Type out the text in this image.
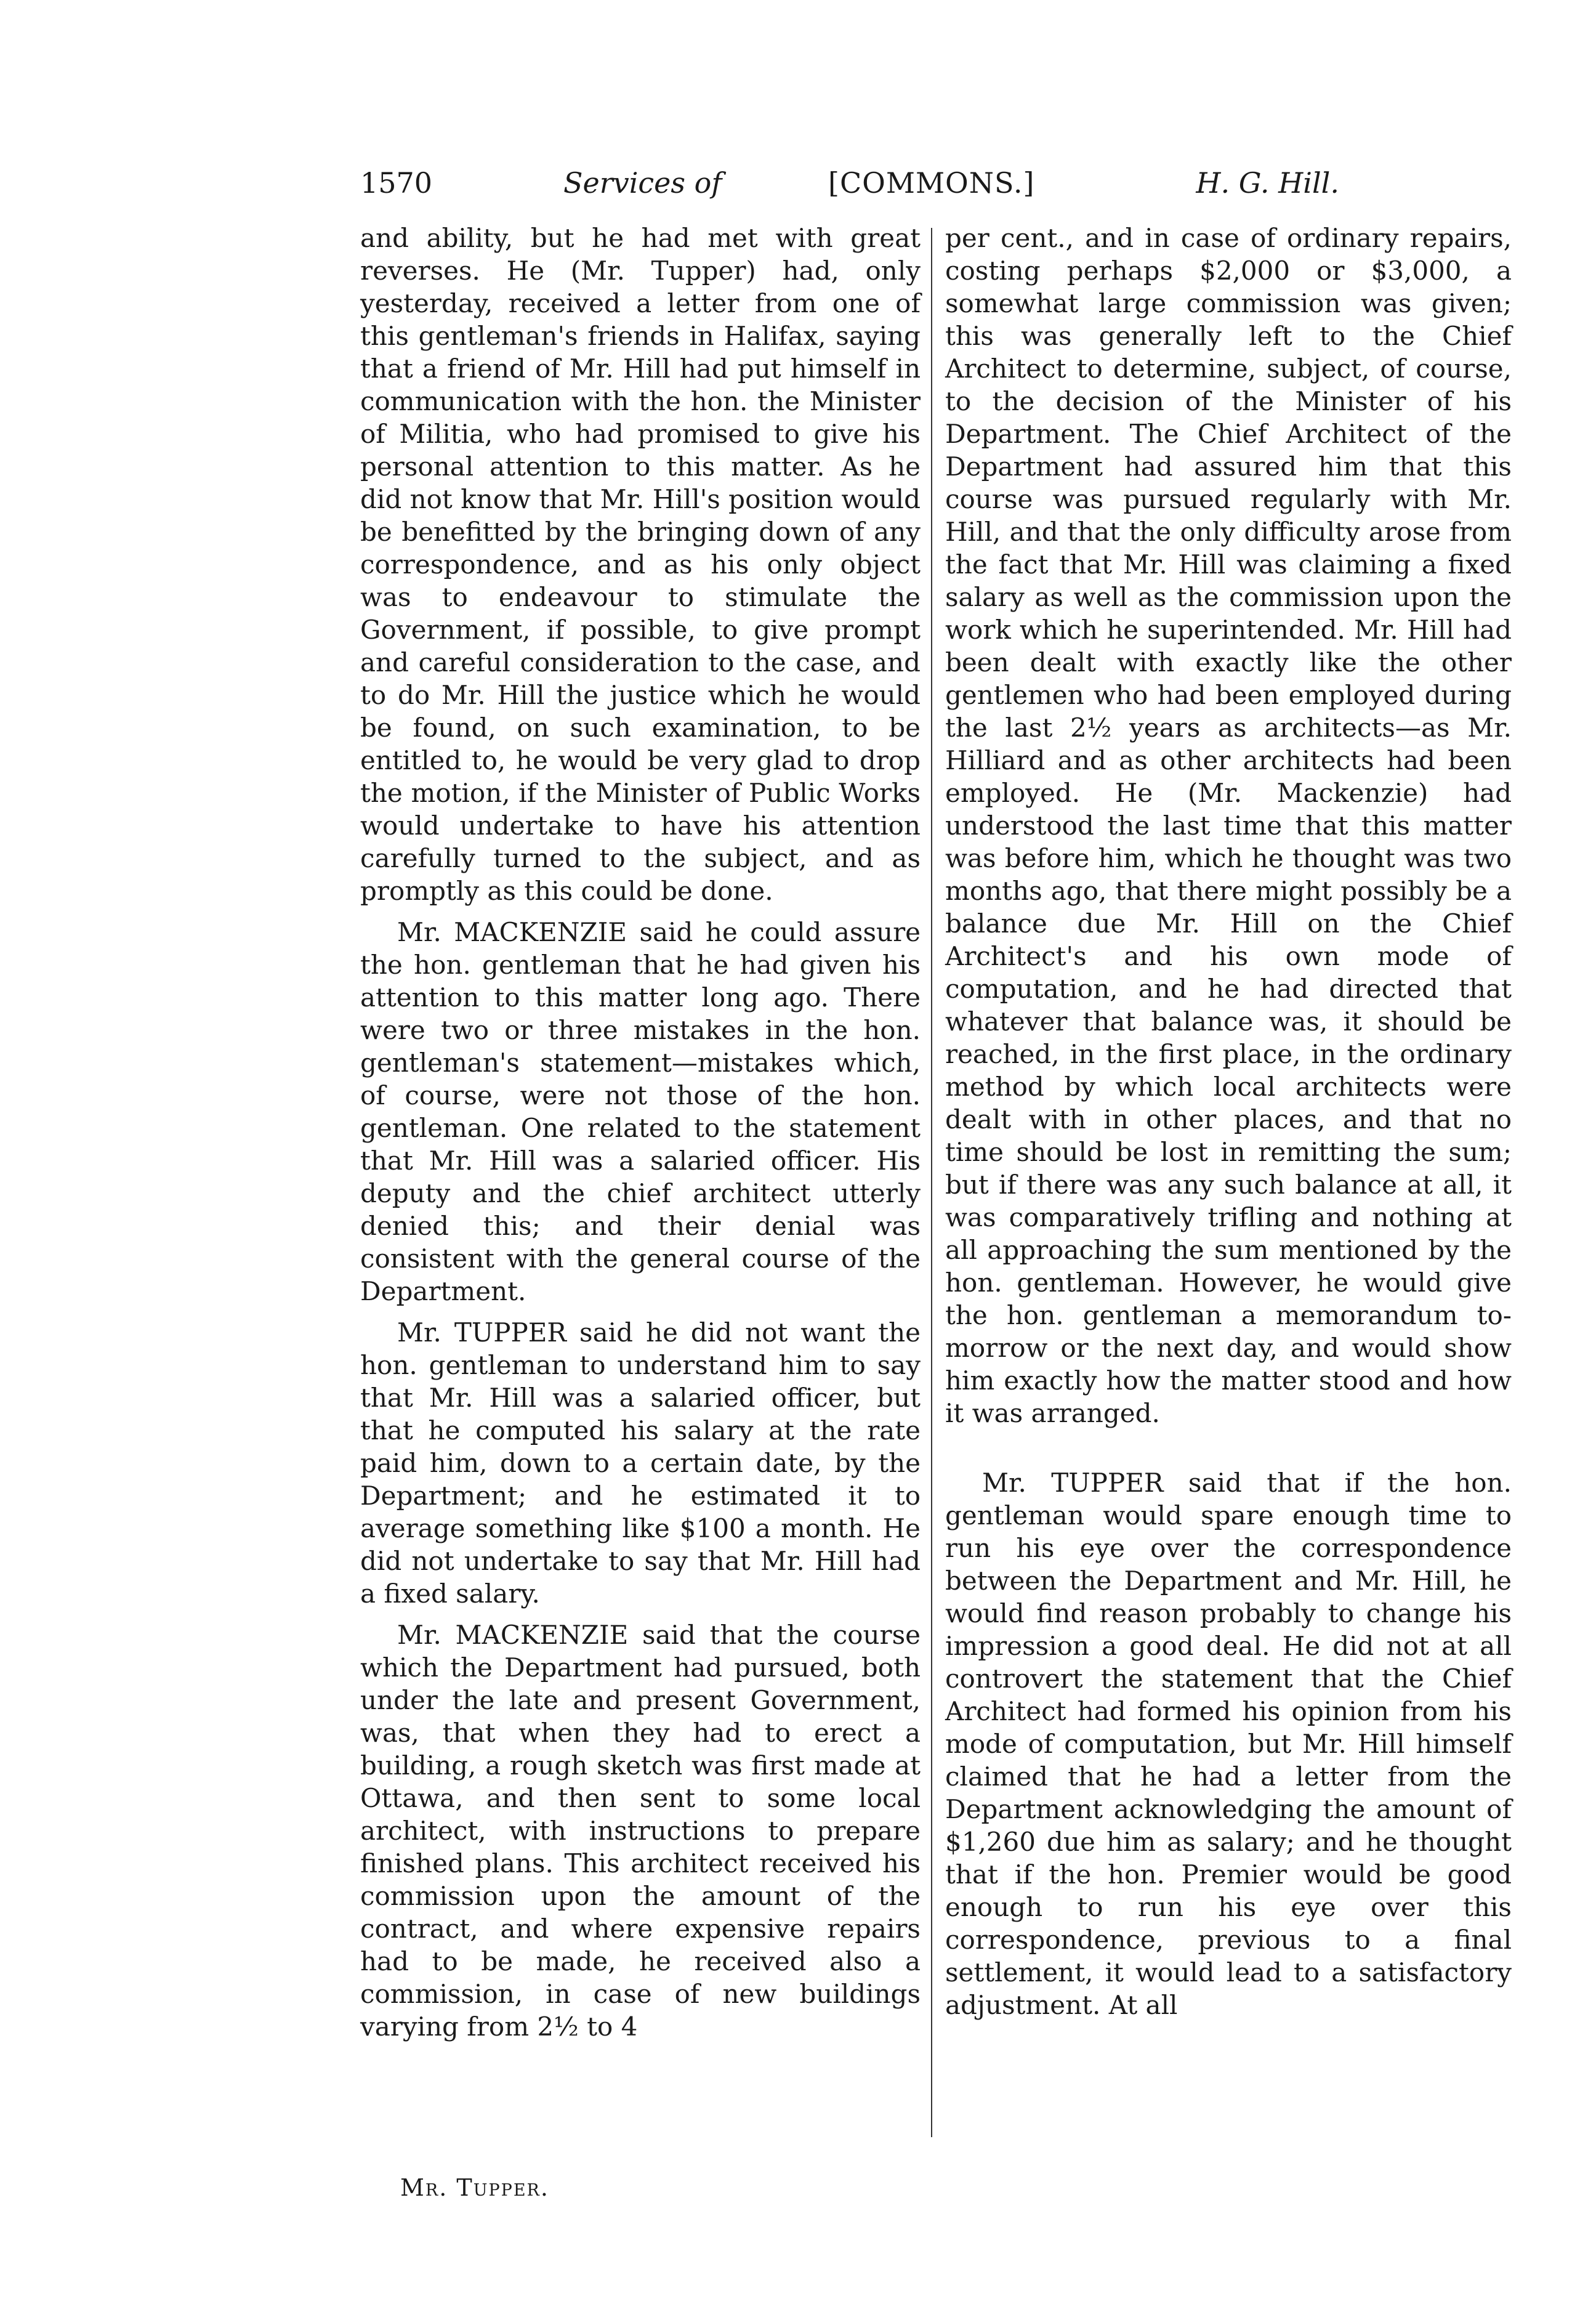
1570	Services of	[COMMONS.]	H. G. Hill.

and ability, but he had met with great reverses. He (Mr. Tupper) had, only yesterday, received a letter from one of this gentleman's friends in Halifax, saying that a friend of Mr. Hill had put himself in communication with the hon. the Minister of Militia, who had promised to give his personal attention to this matter. As he did not know that Mr. Hill's position would be benefitted by the bringing down of any correspondence, and as his only object was to endeavour to stimulate the Government, if possible, to give prompt and careful consideration to the case, and to do Mr. Hill the justice which he would be found, on such examination, to be entitled to, he would be very glad to drop the motion, if the Minister of Public Works would undertake to have his attention carefully turned to the subject, and as promptly as this could be done.

Mr. MACKENZIE said he could assure the hon. gentleman that he had given his attention to this matter long ago. There were two or three mistakes in the hon. gentleman's statement—mistakes which, of course, were not those of the hon. gentleman. One related to the statement that Mr. Hill was a salaried officer. His deputy and the chief architect utterly denied this; and their denial was consistent with the general course of the Department.

Mr. TUPPER said he did not want the hon. gentleman to understand him to say that Mr. Hill was a salaried officer, but that he computed his salary at the rate paid him, down to a certain date, by the Department; and he estimated it to average something like $100 a month. He did not undertake to say that Mr. Hill had a fixed salary.

Mr. MACKENZIE said that the course which the Department had pursued, both under the late and present Government, was, that when they had to erect a building, a rough sketch was first made at Ottawa, and then sent to some local architect, with instructions to prepare finished plans. This architect received his commission upon the amount of the contract, and where expensive repairs had to be made, he received also a commission, in case of new buildings varying from 2½ to 4

per cent., and in case of ordinary repairs, costing perhaps $2,000 or $3,000, a somewhat large commission was given; this was generally left to the Chief Architect to determine, subject, of course, to the decision of the Minister of his Department. The Chief Architect of the Department had assured him that this course was pursued regularly with Mr. Hill, and that the only difficulty arose from the fact that Mr. Hill was claiming a fixed salary as well as the commission upon the work which he superintended. Mr. Hill had been dealt with exactly like the other gentlemen who had been employed during the last 2½ years as architects—as Mr. Hilliard and as other architects had been employed. He (Mr. Mackenzie) had understood the last time that this matter was before him, which he thought was two months ago, that there might possibly be a balance due Mr. Hill on the Chief Architect's and his own mode of computation, and he had directed that whatever that balance was, it should be reached, in the first place, in the ordinary method by which local architects were dealt with in other places, and that no time should be lost in remitting the sum; but if there was any such balance at all, it was comparatively trifling and nothing at all approaching the sum mentioned by the hon. gentleman. However, he would give the hon. gentleman a memorandum to-morrow or the next day, and would show him exactly how the matter stood and how it was arranged.

Mr. TUPPER said that if the hon. gentleman would spare enough time to run his eye over the correspondence between the Department and Mr. Hill, he would find reason probably to change his impression a good deal. He did not at all controvert the statement that the Chief Architect had formed his opinion from his mode of computation, but Mr. Hill himself claimed that he had a letter from the Department acknowledging the amount of $1,260 due him as salary; and he thought that if the hon. Premier would be good enough to run his eye over this correspondence, previous to a final settlement, it would lead to a satisfactory adjustment. At all

Mr. Tupper.
